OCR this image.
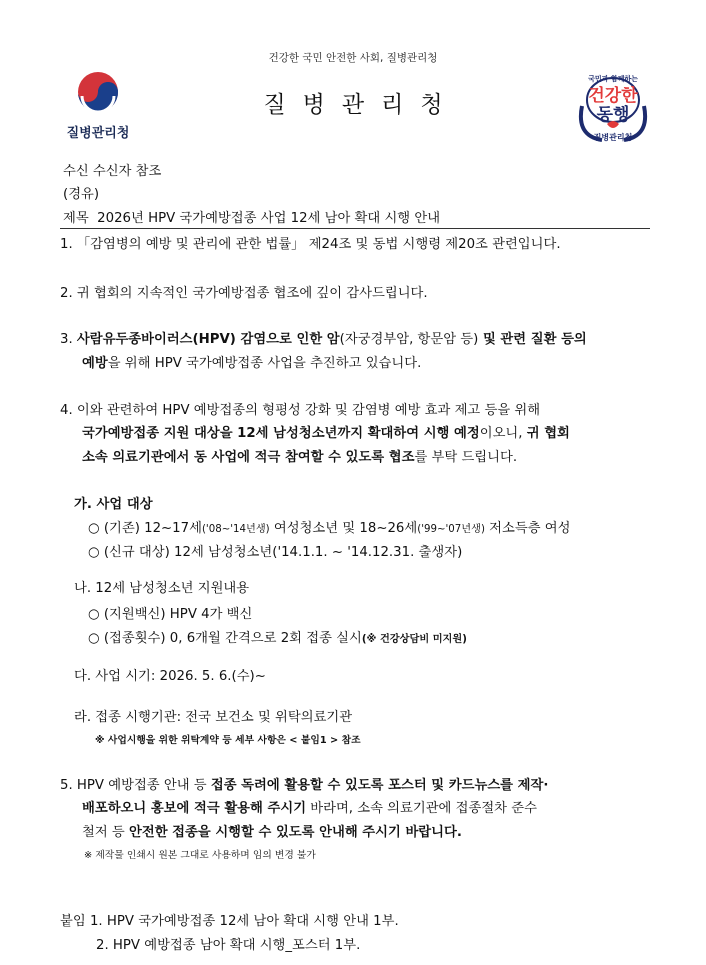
건강한 국민 안전한 사회, 질병관리청
질병관리청
질병관리청
국민과 함께하는
건강한
동행
질병관리청
수신 수신자 참조
(경유)
제목 2026년 HPV 국가예방접종 사업 12세 남아 확대 시행 안내
1. 「감염병의 예방 및 관리에 관한 법률」 제24조 및 동법 시행령 제20조 관련입니다.
2. 귀 협회의 지속적인 국가예방접종 협조에 깊이 감사드립니다.
3. 사람유두종바이러스(HPV) 감염으로 인한 암(자궁경부암, 항문암 등) 및 관련 질환 등의
예방을 위해 HPV 국가예방접종 사업을 추진하고 있습니다.
4. 이와 관련하여 HPV 예방접종의 형평성 강화 및 감염병 예방 효과 제고 등을 위해
국가예방접종 지원 대상을 12세 남성청소년까지 확대하여 시행 예정이오니, 귀 협회
소속 의료기관에서 동 사업에 적극 참여할 수 있도록 협조를 부탁 드립니다.
가. 사업 대상
○ (기존) 12~17세('08~'14년생) 여성청소년 및 18~26세('99~'07년생) 저소득층 여성
○ (신규 대상) 12세 남성청소년('14.1.1. ~ '14.12.31. 출생자)
나. 12세 남성청소년 지원내용
○ (지원백신) HPV 4가 백신
○ (접종횟수) 0, 6개월 간격으로 2회 접종 실시(※ 건강상담비 미지원)
다. 사업 시기: 2026. 5. 6.(수)~
라. 접종 시행기관: 전국 보건소 및 위탁의료기관
※ 사업시행을 위한 위탁계약 등 세부 사항은 < 붙임1 > 참조
5. HPV 예방접종 안내 등 접종 독려에 활용할 수 있도록 포스터 및 카드뉴스를 제작·
배포하오니 홍보에 적극 활용해 주시기 바라며, 소속 의료기관에 접종절차 준수
철저 등 안전한 접종을 시행할 수 있도록 안내해 주시기 바랍니다.
※ 제작물 인쇄시 원본 그대로 사용하며 임의 변경 불가
붙임 1. HPV 국가예방접종 12세 남아 확대 시행 안내 1부.
2. HPV 예방접종 남아 확대 시행_포스터 1부.
